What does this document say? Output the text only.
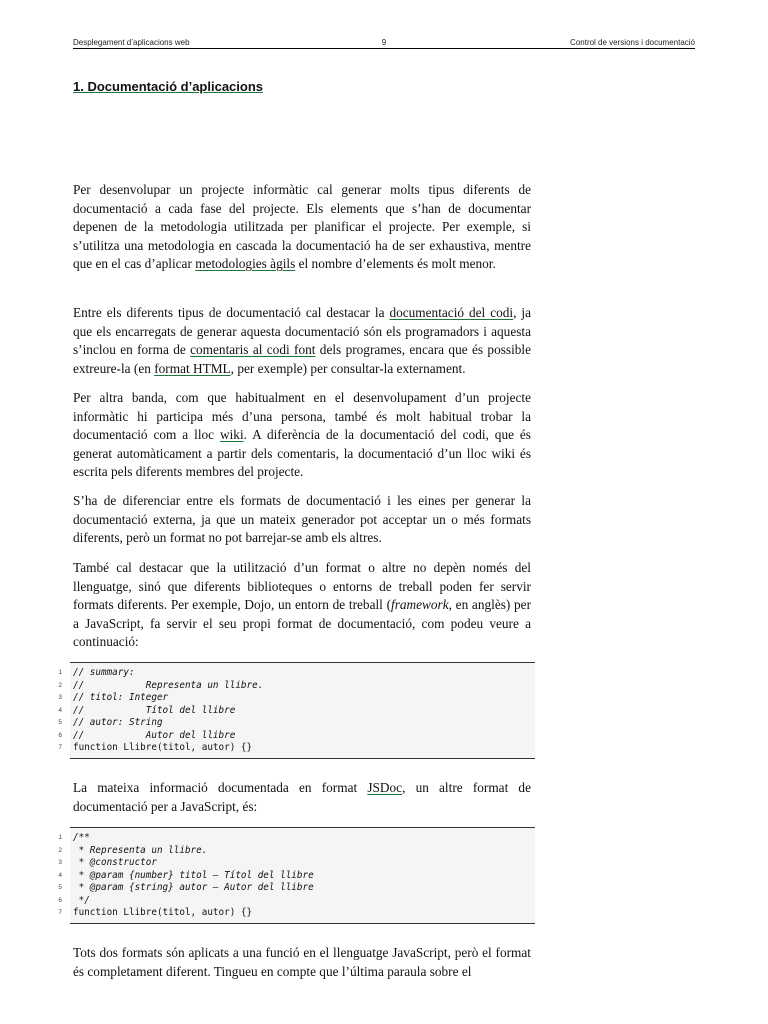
Desplegament d’aplicacions web	9	Control de versions i documentació
1. Documentació d’aplicacions

Per desenvolupar un projecte informàtic cal generar molts tipus diferents de documentació a cada fase del projecte. Els elements que s’han de documentar depenen de la metodologia utilitzada per planificar el projecte. Per exemple, si s’utilitza una metodologia en cascada la documentació ha de ser exhaustiva, mentre que en el cas d’aplicar metodologies àgils el nombre d’elements és molt menor.

Entre els diferents tipus de documentació cal destacar la documentació del codi, ja que els encarregats de generar aquesta documentació són els programadors i aquesta s’inclou en forma de comentaris al codi font dels programes, encara que és possible extreure-la (en format HTML, per exemple) per consultar-la externament.

Per altra banda, com que habitualment en el desenvolupament d’un projecte informàtic hi participa més d’una persona, també és molt habitual trobar la documentació com a lloc wiki. A diferència de la documentació del codi, que és generat automàticament a partir dels comentaris, la documentació d’un lloc wiki és escrita pels diferents membres del projecte.

S’ha de diferenciar entre els formats de documentació i les eines per generar la documentació externa, ja que un mateix generador pot acceptar un o més formats diferents, però un format no pot barrejar-se amb els altres.

També cal destacar que la utilització d’un format o altre no depèn només del llenguatge, sinó que diferents biblioteques o entorns de treball poden fer servir formats diferents. Per exemple, Dojo, un entorn de treball (framework, en anglès) per a JavaScript, fa servir el seu propi format de documentació, com podeu veure a continuació:

1 // summary:
2 //           Representa un llibre.
3 // titol: Integer
4 //           Títol del llibre
5 // autor: String
6 //           Autor del llibre
7 function Llibre(titol, autor) {}

La mateixa informació documentada en format JSDoc, un altre format de documentació per a JavaScript, és:

1 /**
2 * Representa un llibre.
3 * @constructor
4 * @param {number} titol – Títol del llibre
5 * @param {string} autor – Autor del llibre
6 */
7 function Llibre(titol, autor) {}

Tots dos formats són aplicats a una funció en el llenguatge JavaScript, però el format és completament diferent. Tingueu en compte que l’última paraula sobre el
